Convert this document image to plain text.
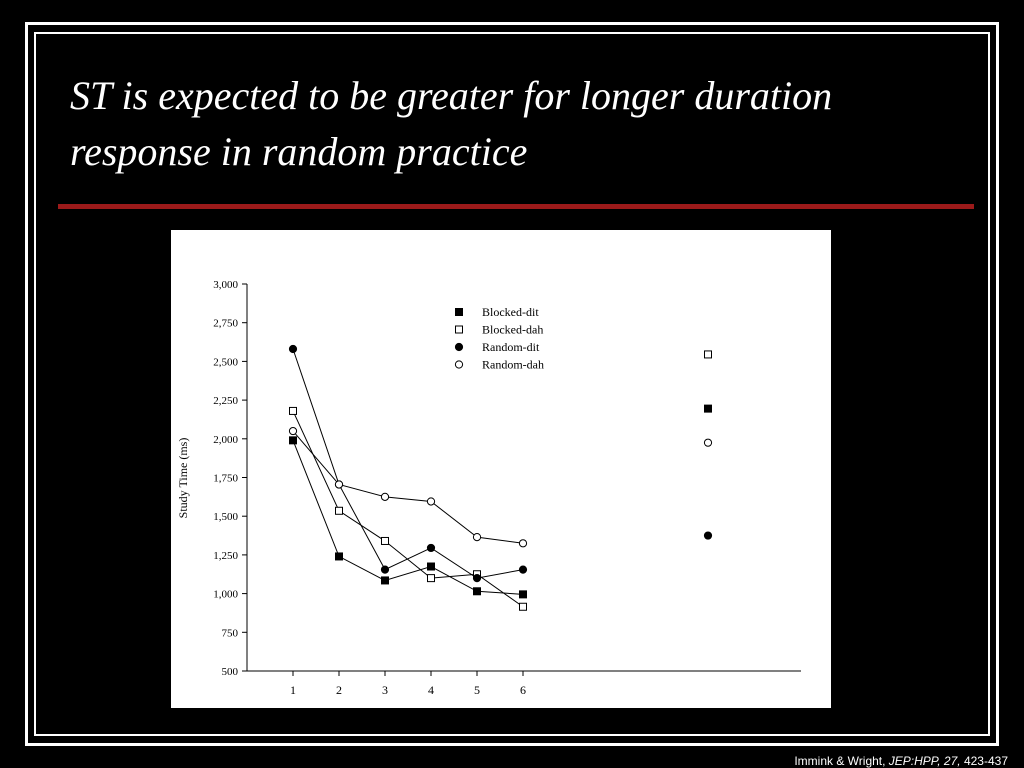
ST is expected to be greater for longer duration
response in random practice
500
750
1,000
1,250
1,500
1,750
2,000
2,250
2,500
2,750
3,000
1	2	3	4	5	6
Study Time (ms)
Blocked-dit
Blocked-dah
Random-dit
Random-dah
Immink & Wright, JEP:HPP, 27, 423-437
